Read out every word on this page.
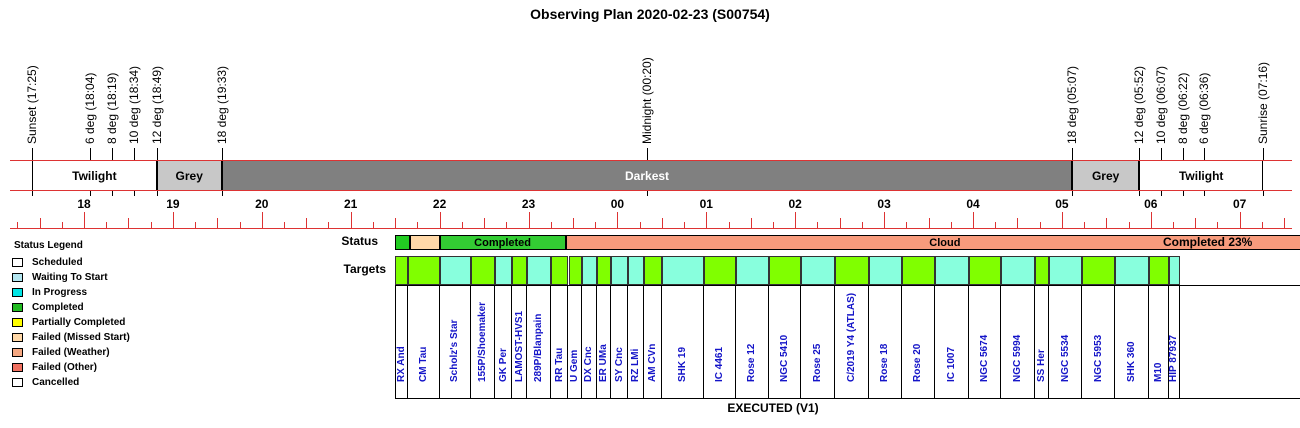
Observing Plan 2020-02-23 (S00754)
Sunset (17:25)	6 deg (18:04) 8 deg (18:19) 10 deg (18:34) 12 deg (18:49)	18 deg (19:33)	Midnight (00:20)	18 deg (05:07)	12 deg (05:52) 10 deg (06:07) 8 deg (06:22) 6 deg (06:36)	Sunrise (07:16)
Twilight	Grey	Darkest	Grey	Twilight
18	19	20	21	22	23	00	01	02	03	04	05	06	07
Status	Completed	Cloud	Completed 23%
Targets
RX And CM Tau Scholz's Star 155P/Shoemaker GK Per LAMOST-HVS1 289P/Blanpain RR Tau U Gem DX Cnc ER UMa SY Cnc RZ LMi AM CVn SHK 19	IC 4461 Rose 12 NGC 5410 Rose 25 C/2019 Y4 (ATLAS) Rose 18 Rose 20 IC 1007 NGC 5674 NGC 5994 SS Her NGC 5534 NGC 5953 SHK 360 M10 HIP 87937
EXECUTED (V1)
Status Legend
Scheduled
Waiting To Start
In Progress
Completed
Partially Completed
Failed (Missed Start)
Failed (Weather)
Failed (Other)
Cancelled
